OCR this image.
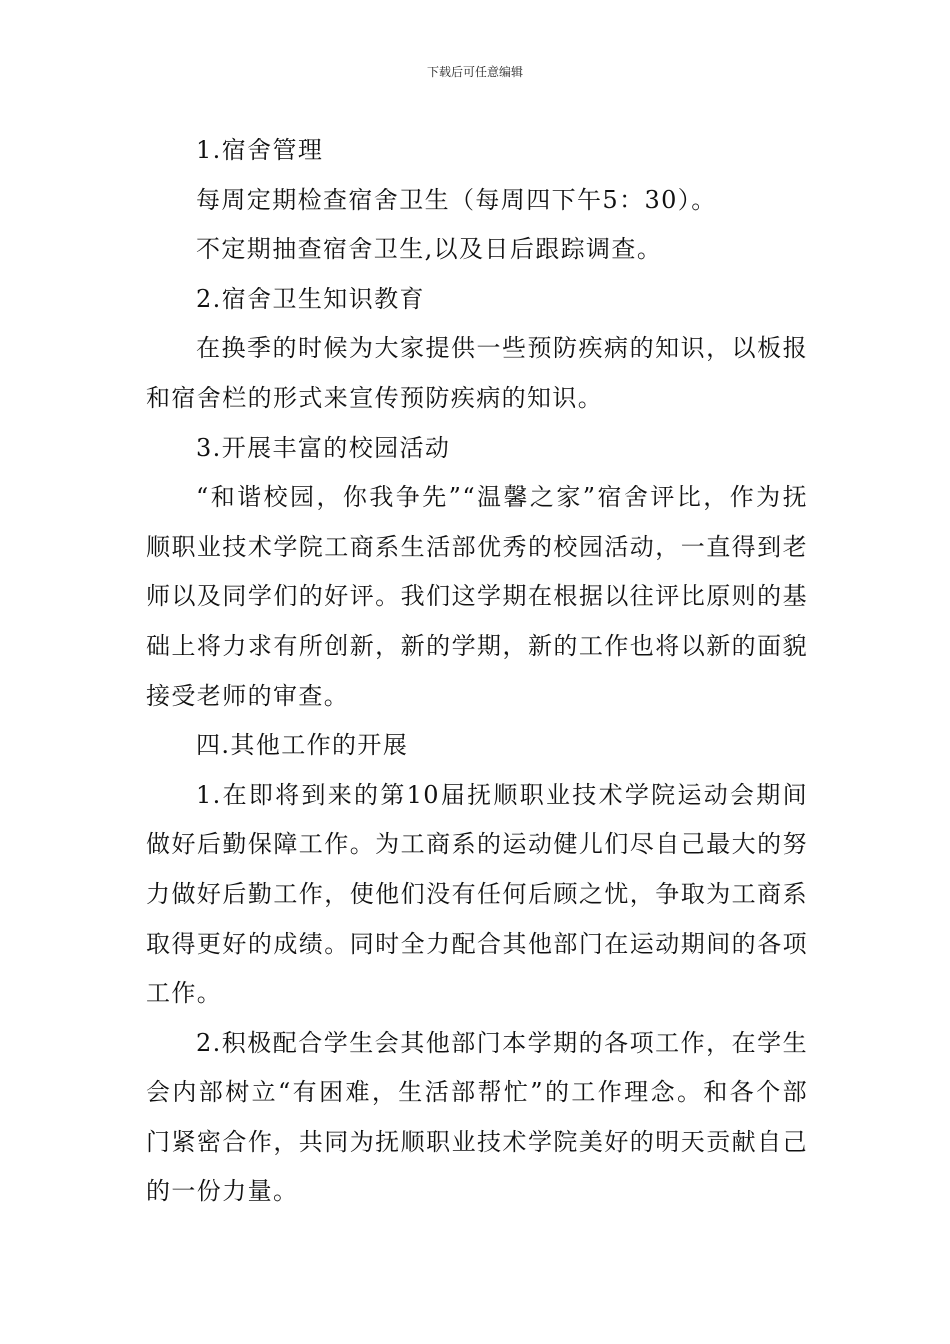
下载后可任意编辑

1.宿舍管理

每周定期检查宿舍卫生（每周四下午5：30）。

不定期抽查宿舍卫生,以及日后跟踪调查。

2.宿舍卫生知识教育

在换季的时候为大家提供一些预防疾病的知识，以板报和宿舍栏的形式来宣传预防疾病的知识。

3.开展丰富的校园活动

“和谐校园，你我争先”“温馨之家”宿舍评比，作为抚顺职业技术学院工商系生活部优秀的校园活动，一直得到老师以及同学们的好评。我们这学期在根据以往评比原则的基础上将力求有所创新，新的学期，新的工作也将以新的面貌接受老师的审查。

四.其他工作的开展

1.在即将到来的第10届抚顺职业技术学院运动会期间做好后勤保障工作。为工商系的运动健儿们尽自己最大的努力做好后勤工作，使他们没有任何后顾之忧，争取为工商系取得更好的成绩。同时全力配合其他部门在运动期间的各项工作。

2.积极配合学生会其他部门本学期的各项工作，在学生会内部树立“有困难，生活部帮忙”的工作理念。和各个部门紧密合作，共同为抚顺职业技术学院美好的明天贡献自己的一份力量。
